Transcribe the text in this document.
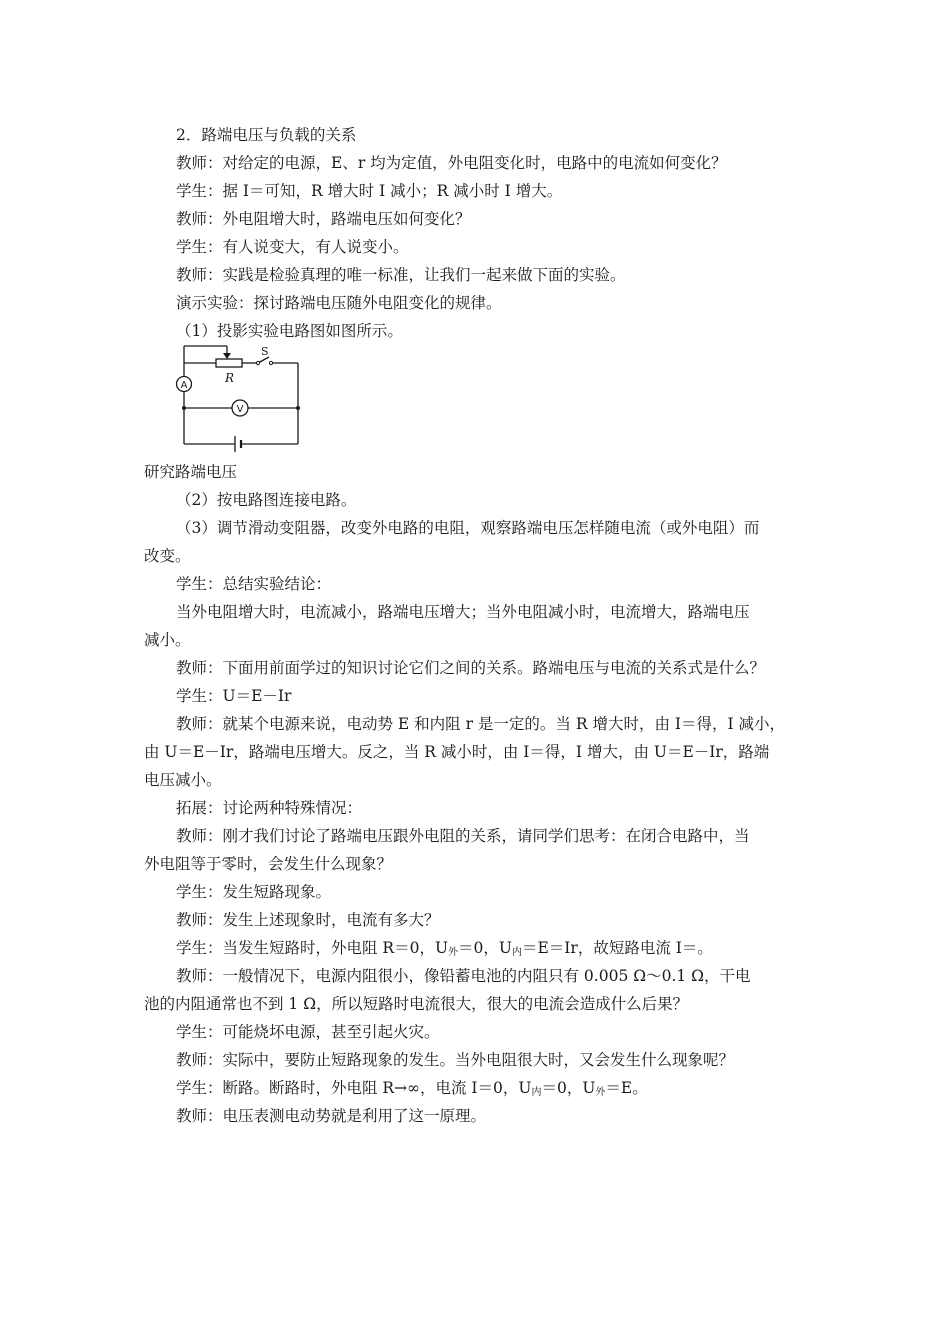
2．路端电压与负载的关系
教师：对给定的电源，E、r 均为定值，外电阻变化时，电路中的电流如何变化？
学生：据 I＝可知，R 增大时 I 减小；R 减小时 I 增大。
教师：外电阻增大时，路端电压如何变化？
学生：有人说变大，有人说变小。
教师：实践是检验真理的唯一标准，让我们一起来做下面的实验。
演示实验：探讨路端电压随外电阻变化的规律。
（1）投影实验电路图如图所示。
A
V
R
S
研究路端电压
（2）按电路图连接电路。
（3）调节滑动变阻器，改变外电路的电阻，观察路端电压怎样随电流（或外电阻）而
改变。
学生：总结实验结论：
当外电阻增大时，电流减小，路端电压增大；当外电阻减小时，电流增大，路端电压
减小。
教师：下面用前面学过的知识讨论它们之间的关系。路端电压与电流的关系式是什么？
学生：U＝E－Ir
教师：就某个电源来说，电动势 E 和内阻 r 是一定的。当 R 增大时，由 I＝得，I 减小，
由 U＝E－Ir，路端电压增大。反之，当 R 减小时，由 I＝得，I 增大，由 U＝E－Ir，路端
电压减小。
拓展：讨论两种特殊情况：
教师：刚才我们讨论了路端电压跟外电阻的关系，请同学们思考：在闭合电路中，当
外电阻等于零时，会发生什么现象？
学生：发生短路现象。
教师：发生上述现象时，电流有多大？
学生：当发生短路时，外电阻 R＝0，$U_外=0$，$U_内=E=Ir$，故短路电流 I＝。
教师：一般情况下，电源内阻很小，像铅蓄电池的内阻只有 0.005 Ω～0.1 Ω，干电
池的内阻通常也不到 1 Ω，所以短路时电流很大，很大的电流会造成什么后果？
学生：可能烧坏电源，甚至引起火灾。
教师：实际中，要防止短路现象的发生。当外电阻很大时，又会发生什么现象呢？
学生：断路。断路时，外电阻 R→∞，电流 I＝0，$U_内=0$，$U_外=E$。
教师：电压表测电动势就是利用了这一原理。
